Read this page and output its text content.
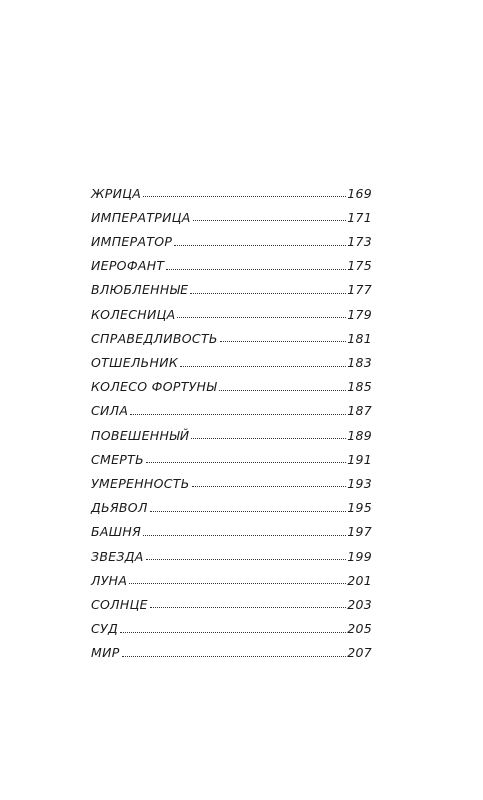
ЖРИЦА	169
ИМПЕРАТРИЦА	171
ИМПЕРАТОР	173
ИЕРОФАНТ	175
ВЛЮБЛЕННЫЕ	177
КОЛЕСНИЦА	179
СПРАВЕДЛИВОСТЬ	181
ОТШЕЛЬНИК	183
КОЛЕСО ФОРТУНЫ	185
СИЛА	187
ПОВЕШЕННЫЙ	189
СМЕРТЬ	191
УМЕРЕННОСТЬ	193
ДЬЯВОЛ	195
БАШНЯ	197
ЗВЕЗДА	199
ЛУНА	201
СОЛНЦЕ	203
СУД	205
МИР	207
